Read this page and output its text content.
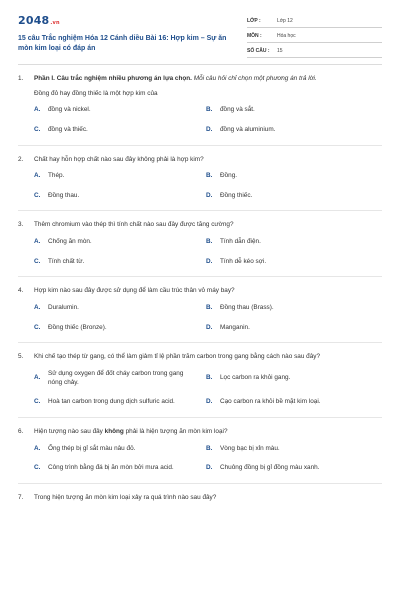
2048 .vn
15 câu Trắc nghiệm Hóa 12 Cánh diều Bài 16: Hợp kim – Sự ăn mòn kim loại có đáp án
LỚP :	Lớp 12
MÔN :	Hóa học
SỐ CÂU :	15
1.	Phần I. Câu trắc nghiệm nhiều phương án lựa chọn. Mỗi câu hỏi chỉ chọn một phương án trả lời.
Đồng đỏ hay đồng thiếc là một hợp kim của
A.	đồng và nickel.	B.	đồng và sắt.
C.	đồng và thiếc.	D.	đồng và aluminium.
2.	Chất hay hỗn hợp chất nào sau đây không phải là hợp kim?
A.	Thép.	B.	Đồng.
C.	Đồng thau.	D.	Đồng thiếc.
3.	Thêm chromium vào thép thì tính chất nào sau đây được tăng cường?
A.	Chống ăn mòn.	B.	Tính dẫn điện.
C.	Tính chất từ.	D.	Tính dễ kéo sợi.
4.	Hợp kim nào sau đây được sử dụng để làm cầu trúc thân vỏ máy bay?
A.	Duralumin.	B.	Đồng thau (Brass).
C.	Đồng thiếc (Bronze).	D.	Manganin.
5.	Khi chế tạo thép từ gang, có thể làm giảm tỉ lệ phần trăm carbon trong gang bằng cách nào sau đây?
A.
Sử dụng oxygen để đốt cháy carbon trong gang nóng chảy.
B.	Lọc carbon ra khỏi gang.
C.	Hoà tan carbon trong dung dịch sulfuric acid.	D.	Cạo carbon ra khỏi bề mặt kim loại.
6.	Hiện tượng nào sau đây không phải là hiện tượng ăn mòn kim loại?
A.	Ống thép bị gỉ sắt màu nâu đỏ.	B.	Vòng bạc bị xỉn màu.
C.	Công trình bằng đá bị ăn mòn bởi mưa acid.	D.	Chuông đồng bị gỉ đồng màu xanh.
7.	Trong hiện tượng ăn mòn kim loại xảy ra quá trình nào sau đây?
